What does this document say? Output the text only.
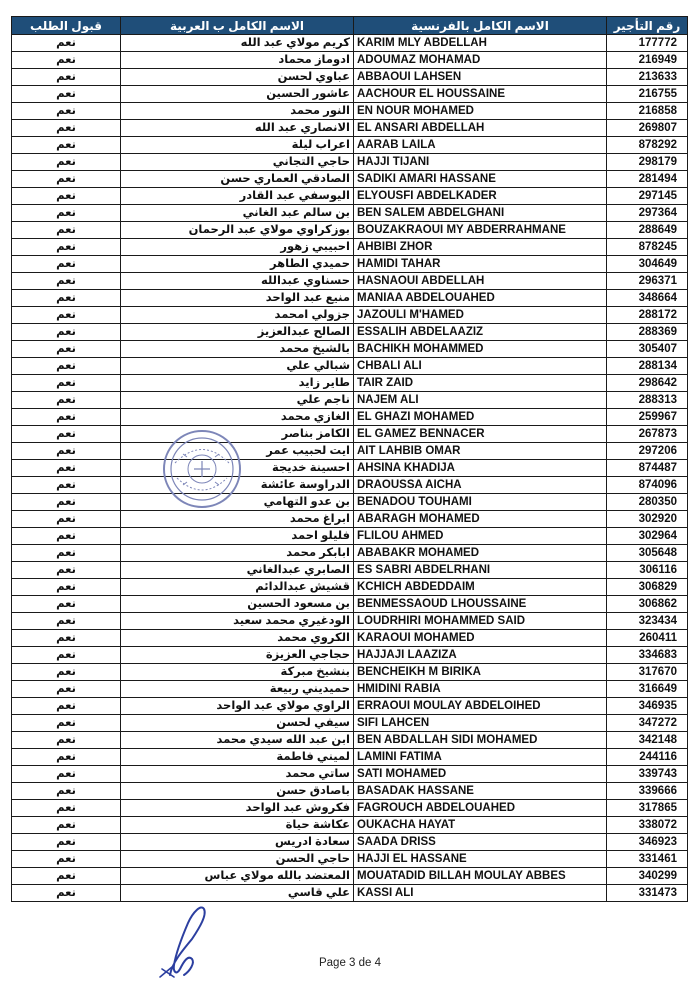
قبول الطلب	الاسم الكامل ب العربية	الاسم الكامل بالفرنسية	رقم التأجير
نعم	كريم مولاي عبد الله	KARIM MLY ABDELLAH	177772
نعم	ادوماز محماد	ADOUMAZ MOHAMAD	216949
نعم	عباوي لحسن	ABBAOUI LAHSEN	213633
نعم	عاشور الحسين	AACHOUR EL HOUSSAINE	216755
نعم	النور محمد	EN NOUR MOHAMED	216858
نعم	الانصاري عبد الله	EL ANSARI ABDELLAH	269807
نعم	اعراب ليلة	AARAB LAILA	878292
نعم	حاجي التجاني	HAJJI TIJANI	298179
نعم	الصادقي العماري حسن	SADIKI AMARI HASSANE	281494
نعم	اليوسفي عبد القادر	ELYOUSFI ABDELKADER	297145
نعم	بن سالم عبد الغاني	BEN SALEM ABDELGHANI	297364
نعم	بوزكراوي مولاي عبد الرحمان	BOUZAKRAOUI MY ABDERRAHMANE	288649
نعم	احبيبي زهور	AHBIBI ZHOR	878245
نعم	حميدي الطاهر	HAMIDI TAHAR	304649
نعم	حسناوي عبدالله	HASNAOUI ABDELLAH	296371
نعم	منيع عبد الواحد	MANIAA ABDELOUAHED	348664
نعم	جزولي امحمد	JAZOULI M'HAMED	288172
نعم	الصالح عبدالعزيز	ESSALIH ABDELAAZIZ	288369
نعم	بالشيخ محمد	BACHIKH MOHAMMED	305407
نعم	شبالي علي	CHBALI ALI	288134
نعم	طاير زايد	TAIR ZAID	298642
نعم	ناجم علي	NAJEM ALI	288313
نعم	الغازي محمد	EL GHAZI MOHAMED	259967
نعم	الكامز بناصر	EL GAMEZ BENNACER	267873
نعم	ايت لحبيب عمر	AIT LAHBIB OMAR	297206
نعم	احسينة خديجة	AHSINA KHADIJA	874487
نعم	الدراوسة عائشة	DRAOUSSA AICHA	874096
نعم	بن عدو التهامي	BENADOU TOUHAMI	280350
نعم	ابراغ محمد	ABARAGH MOHAMED	302920
نعم	فليلو احمد	FLILOU AHMED	302964
نعم	ابابكر محمد	ABABAKR MOHAMED	305648
نعم	الصابري عبدالغاني	ES SABRI ABDELRHANI	306116
نعم	قشيش عبدالدائم	KCHICH ABDEDDAIM	306829
نعم	بن مسعود الحسين	BENMESSAOUD LHOUSSAINE	306862
نعم	الودغيري محمد سعيد	LOUDRHIRI MOHAMMED SAID	323434
نعم	الكروي محمد	KARAOUI MOHAMED	260411
نعم	حجاجي العزيزة	HAJJAJI LAAZIZA	334683
نعم	بنشيخ مبركة	BENCHEIKH M BIRIKA	317670
نعم	حميديني ربيعة	HMIDINI RABIA	316649
نعم	الراوي مولاي عبد الواحد	ERRAOUI MOULAY ABDELOIHED	346935
نعم	سيفي لحسن	SIFI LAHCEN	347272
نعم	ابن عبد الله سيدي محمد	BEN ABDALLAH SIDI MOHAMED	342148
نعم	لميني فاطمة	LAMINI FATIMA	244116
نعم	ساتي محمد	SATI MOHAMED	339743
نعم	باصادق حسن	BASADAK HASSANE	339666
نعم	فكروش عبد الواحد	FAGROUCH ABDELOUAHED	317865
نعم	عكاشة حياة	OUKACHA HAYAT	338072
نعم	سعادة ادريس	SAADA DRISS	346923
نعم	حاجي الحسن	HAJJI EL HASSANE	331461
نعم	المعتضد بالله مولاي عباس	MOUATADID BILLAH MOULAY ABBES	340299
نعم	علي قاسي	KASSI ALI	331473
Page 3 de 4
